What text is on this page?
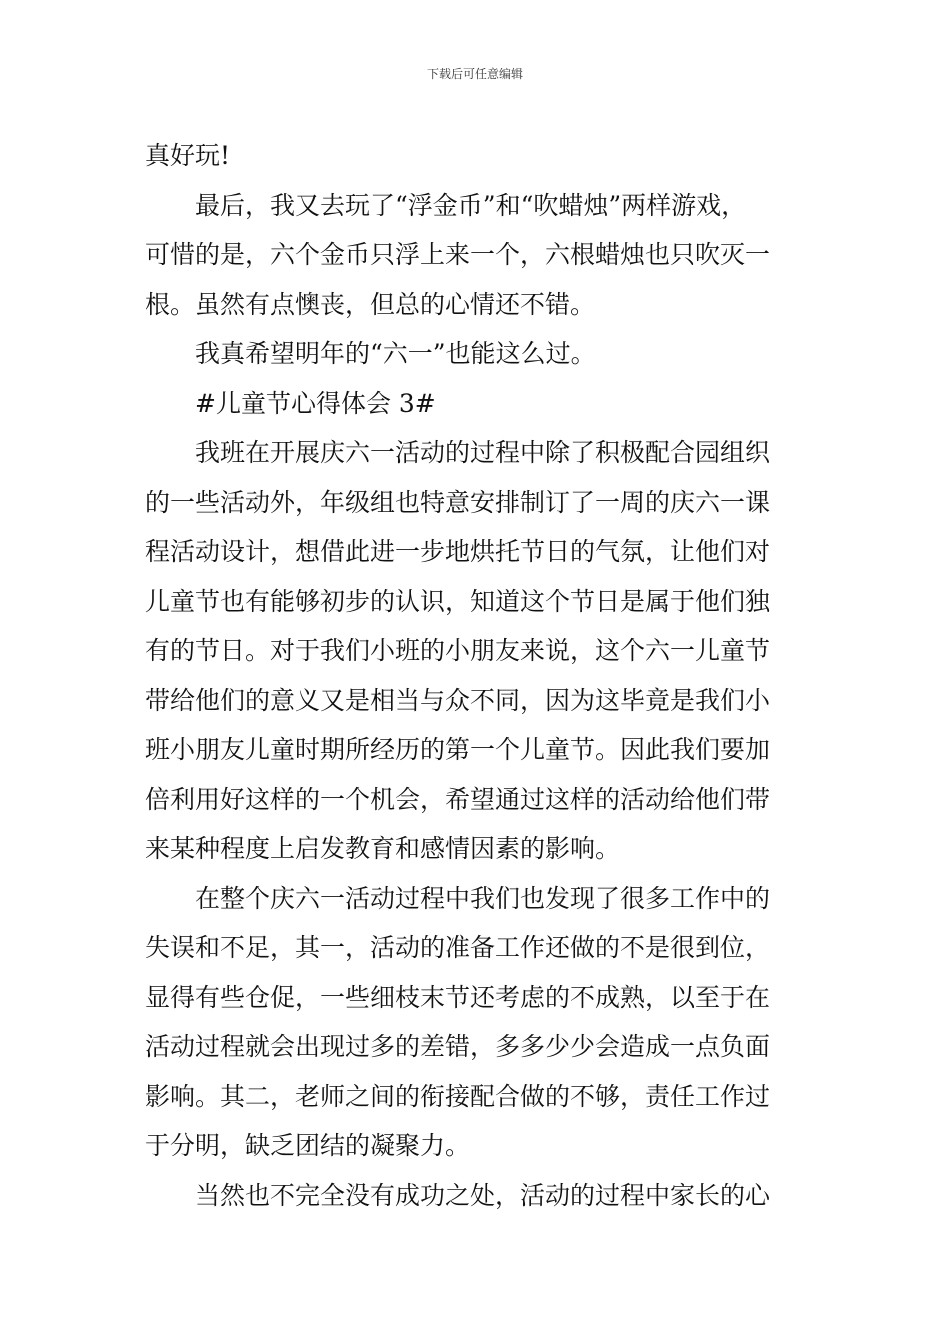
下载后可任意编辑
真好玩!
最后，我又去玩了“浮金币”和“吹蜡烛”两样游戏，
可惜的是，六个金币只浮上来一个，六根蜡烛也只吹灭一
根。虽然有点懊丧，但总的心情还不错。
我真希望明年的“六一”也能这么过。
#儿童节心得体会 3#
我班在开展庆六一活动的过程中除了积极配合园组织
的一些活动外，年级组也特意安排制订了一周的庆六一课
程活动设计，想借此进一步地烘托节日的气氛，让他们对
儿童节也有能够初步的认识，知道这个节日是属于他们独
有的节日。对于我们小班的小朋友来说，这个六一儿童节
带给他们的意义又是相当与众不同，因为这毕竟是我们小
班小朋友儿童时期所经历的第一个儿童节。因此我们要加
倍利用好这样的一个机会，希望通过这样的活动给他们带
来某种程度上启发教育和感情因素的影响。
在整个庆六一活动过程中我们也发现了很多工作中的
失误和不足，其一，活动的准备工作还做的不是很到位，
显得有些仓促，一些细枝末节还考虑的不成熟，以至于在
活动过程就会出现过多的差错，多多少少会造成一点负面
影响。其二，老师之间的衔接配合做的不够，责任工作过
于分明，缺乏团结的凝聚力。
当然也不完全没有成功之处，活动的过程中家长的心
